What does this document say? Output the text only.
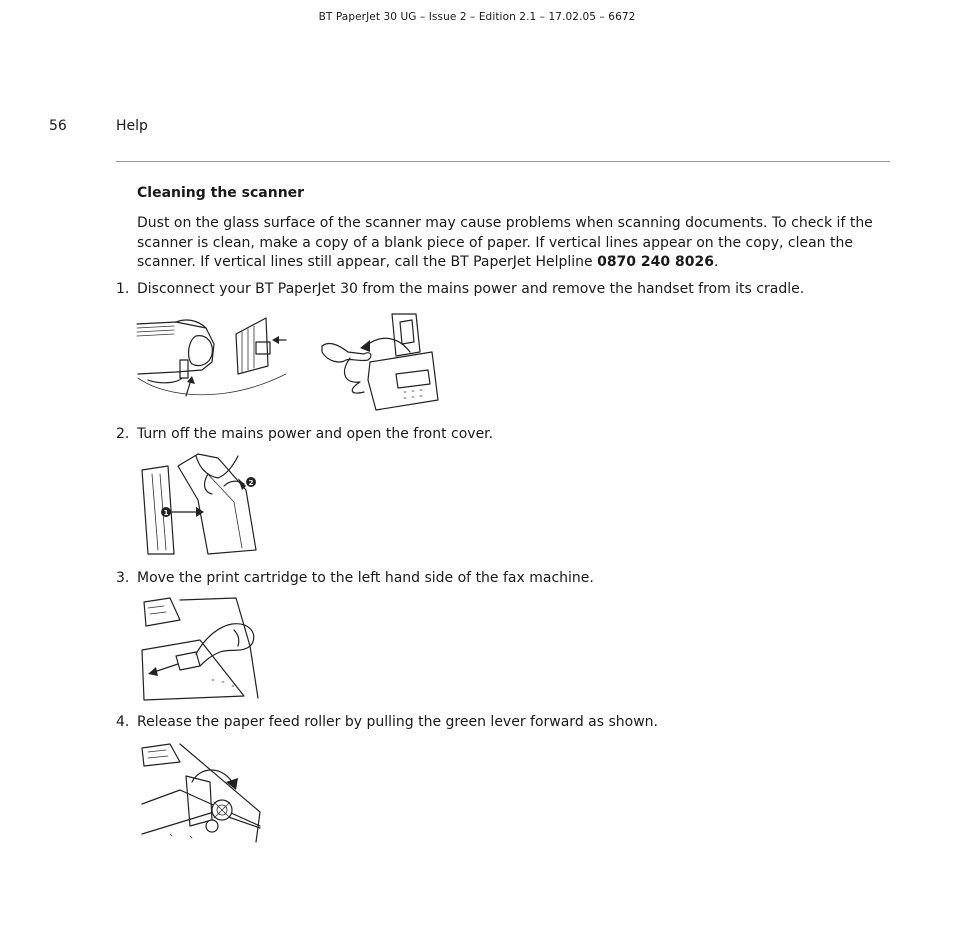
BT PaperJet 30 UG – Issue 2 – Edition 2.1 – 17.02.05 – 6672
56	Help
Cleaning the scanner
Dust on the glass surface of the scanner may cause problems when scanning documents. To check if the scanner is clean, make a copy of a blank piece of paper. If vertical lines appear on the copy, clean the scanner. If vertical lines still appear, call the BT PaperJet Helpline 0870 240 8026.
1. Disconnect your BT PaperJet 30 from the mains power and remove the handset from its cradle.
2. Turn off the mains power and open the front cover.
1
2
3. Move the print cartridge to the left hand side of the fax machine.
4. Release the paper feed roller by pulling the green lever forward as shown.
